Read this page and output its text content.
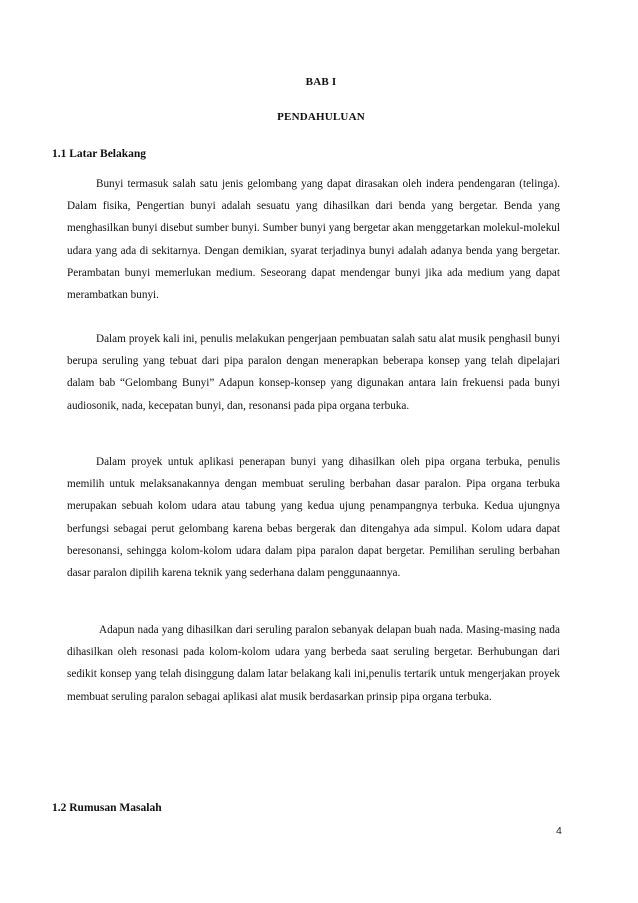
BAB I
PENDAHULUAN
1.1 Latar Belakang

Bunyi termasuk salah satu jenis gelombang yang dapat dirasakan oleh indera pendengaran (telinga). Dalam fisika, Pengertian bunyi adalah sesuatu yang dihasilkan dari benda yang bergetar. Benda yang menghasilkan bunyi disebut sumber bunyi. Sumber bunyi yang bergetar akan menggetarkan molekul-molekul udara yang ada di sekitarnya. Dengan demikian, syarat terjadinya bunyi adalah adanya benda yang bergetar. Perambatan bunyi memerlukan medium. Seseorang dapat mendengar bunyi jika ada medium yang dapat merambatkan bunyi.

Dalam proyek kali ini, penulis melakukan pengerjaan pembuatan salah satu alat musik penghasil bunyi berupa seruling yang tebuat dari pipa paralon dengan menerapkan beberapa konsep yang telah dipelajari dalam bab “Gelombang Bunyi” Adapun konsep-konsep yang digunakan antara lain frekuensi pada bunyi audiosonik, nada, kecepatan bunyi, dan, resonansi pada pipa organa terbuka.

Dalam proyek untuk aplikasi penerapan bunyi yang dihasilkan oleh pipa organa terbuka, penulis memilih untuk melaksanakannya dengan membuat seruling berbahan dasar paralon. Pipa organa terbuka merupakan sebuah kolom udara atau tabung yang kedua ujung penampangnya terbuka. Kedua ujungnya berfungsi sebagai perut gelombang karena bebas bergerak dan ditengahya ada simpul. Kolom udara dapat beresonansi, sehingga kolom-kolom udara dalam pipa paralon dapat bergetar. Pemilihan seruling berbahan dasar paralon dipilih karena teknik yang sederhana dalam penggunaannya.

Adapun nada yang dihasilkan dari seruling paralon sebanyak delapan buah nada. Masing-masing nada dihasilkan oleh resonasi pada kolom-kolom udara yang berbeda saat seruling bergetar. Berhubungan dari sedikit konsep yang telah disinggung dalam latar belakang kali ini,penulis tertarik untuk mengerjakan proyek membuat seruling paralon sebagai aplikasi alat musik berdasarkan prinsip pipa organa terbuka.

1.2 Rumusan Masalah
4
